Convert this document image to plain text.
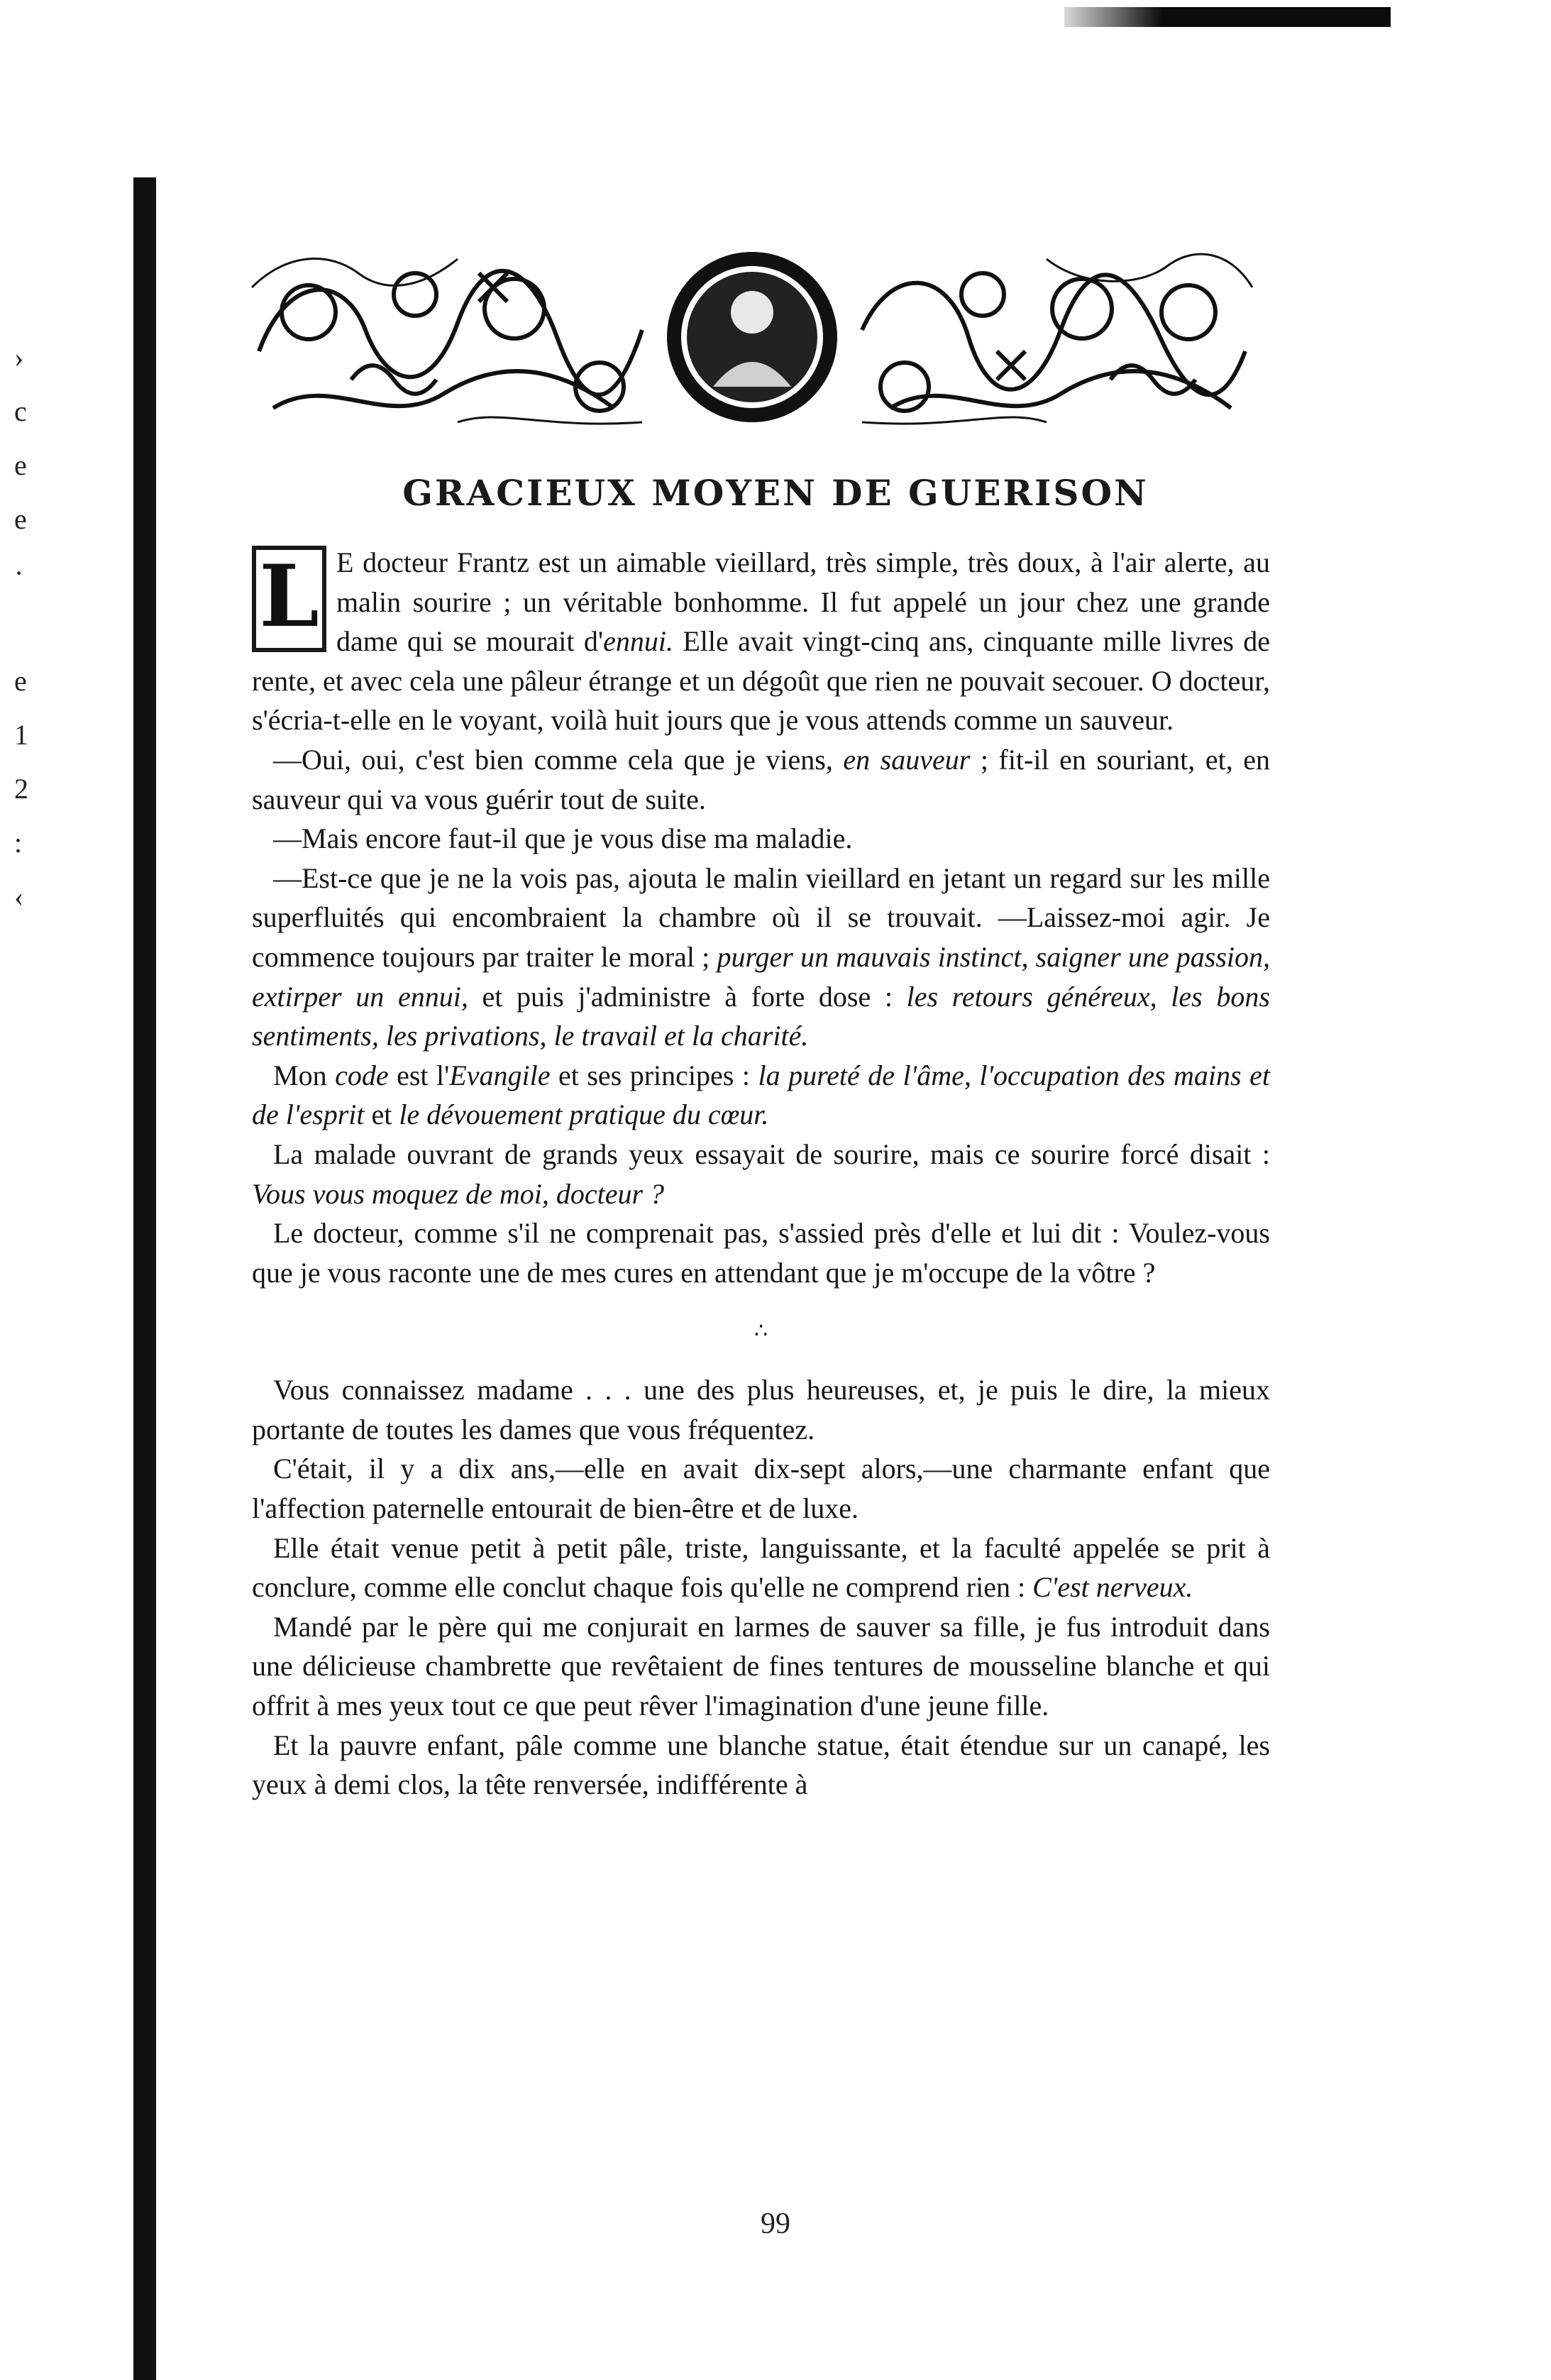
›
c
e
e
·
e
1
2
:
‹
GRACIEUX MOYEN DE GUERISON

L E docteur Frantz est un aimable vieillard, très simple, très doux, à l'air alerte, au malin sourire ; un véritable bonhomme. Il fut appelé un jour chez une grande dame qui se mourait d'ennui. Elle avait vingt-cinq ans, cinquante mille livres de rente, et avec cela une pâleur étrange et un dégoût que rien ne pouvait secouer. O docteur, s'écria-t-elle en le voyant, voilà huit jours que je vous attends comme un sauveur.

—Oui, oui, c'est bien comme cela que je viens, en sauveur ; fit-il en souriant, et, en sauveur qui va vous guérir tout de suite.

—Mais encore faut-il que je vous dise ma maladie.

—Est-ce que je ne la vois pas, ajouta le malin vieillard en jetant un regard sur les mille superfluités qui encombraient la chambre où il se trouvait. —Laissez-moi agir. Je commence toujours par traiter le moral ; purger un mauvais instinct, saigner une passion, extirper un ennui, et puis j'administre à forte dose : les retours généreux, les bons sentiments, les privations, le travail et la charité.

Mon code est l'Evangile et ses principes : la pureté de l'âme, l'occupation des mains et de l'esprit et le dévouement pratique du cœur.

La malade ouvrant de grands yeux essayait de sourire, mais ce sourire forcé disait : Vous vous moquez de moi, docteur ?

Le docteur, comme s'il ne comprenait pas, s'assied près d'elle et lui dit : Voulez-vous que je vous raconte une de mes cures en attendant que je m'occupe de la vôtre ?

∴

Vous connaissez madame . . . une des plus heureuses, et, je puis le dire, la mieux portante de toutes les dames que vous fréquentez.

C'était, il y a dix ans,—elle en avait dix-sept alors,—une charmante enfant que l'affection paternelle entourait de bien-être et de luxe.

Elle était venue petit à petit pâle, triste, languissante, et la faculté appelée se prit à conclure, comme elle conclut chaque fois qu'elle ne comprend rien : C'est nerveux.

Mandé par le père qui me conjurait en larmes de sauver sa fille, je fus introduit dans une délicieuse chambrette que revêtaient de fines tentures de mousseline blanche et qui offrit à mes yeux tout ce que peut rêver l'imagination d'une jeune fille.

Et la pauvre enfant, pâle comme une blanche statue, était étendue sur un canapé, les yeux à demi clos, la tête renversée, indifférente à

99
